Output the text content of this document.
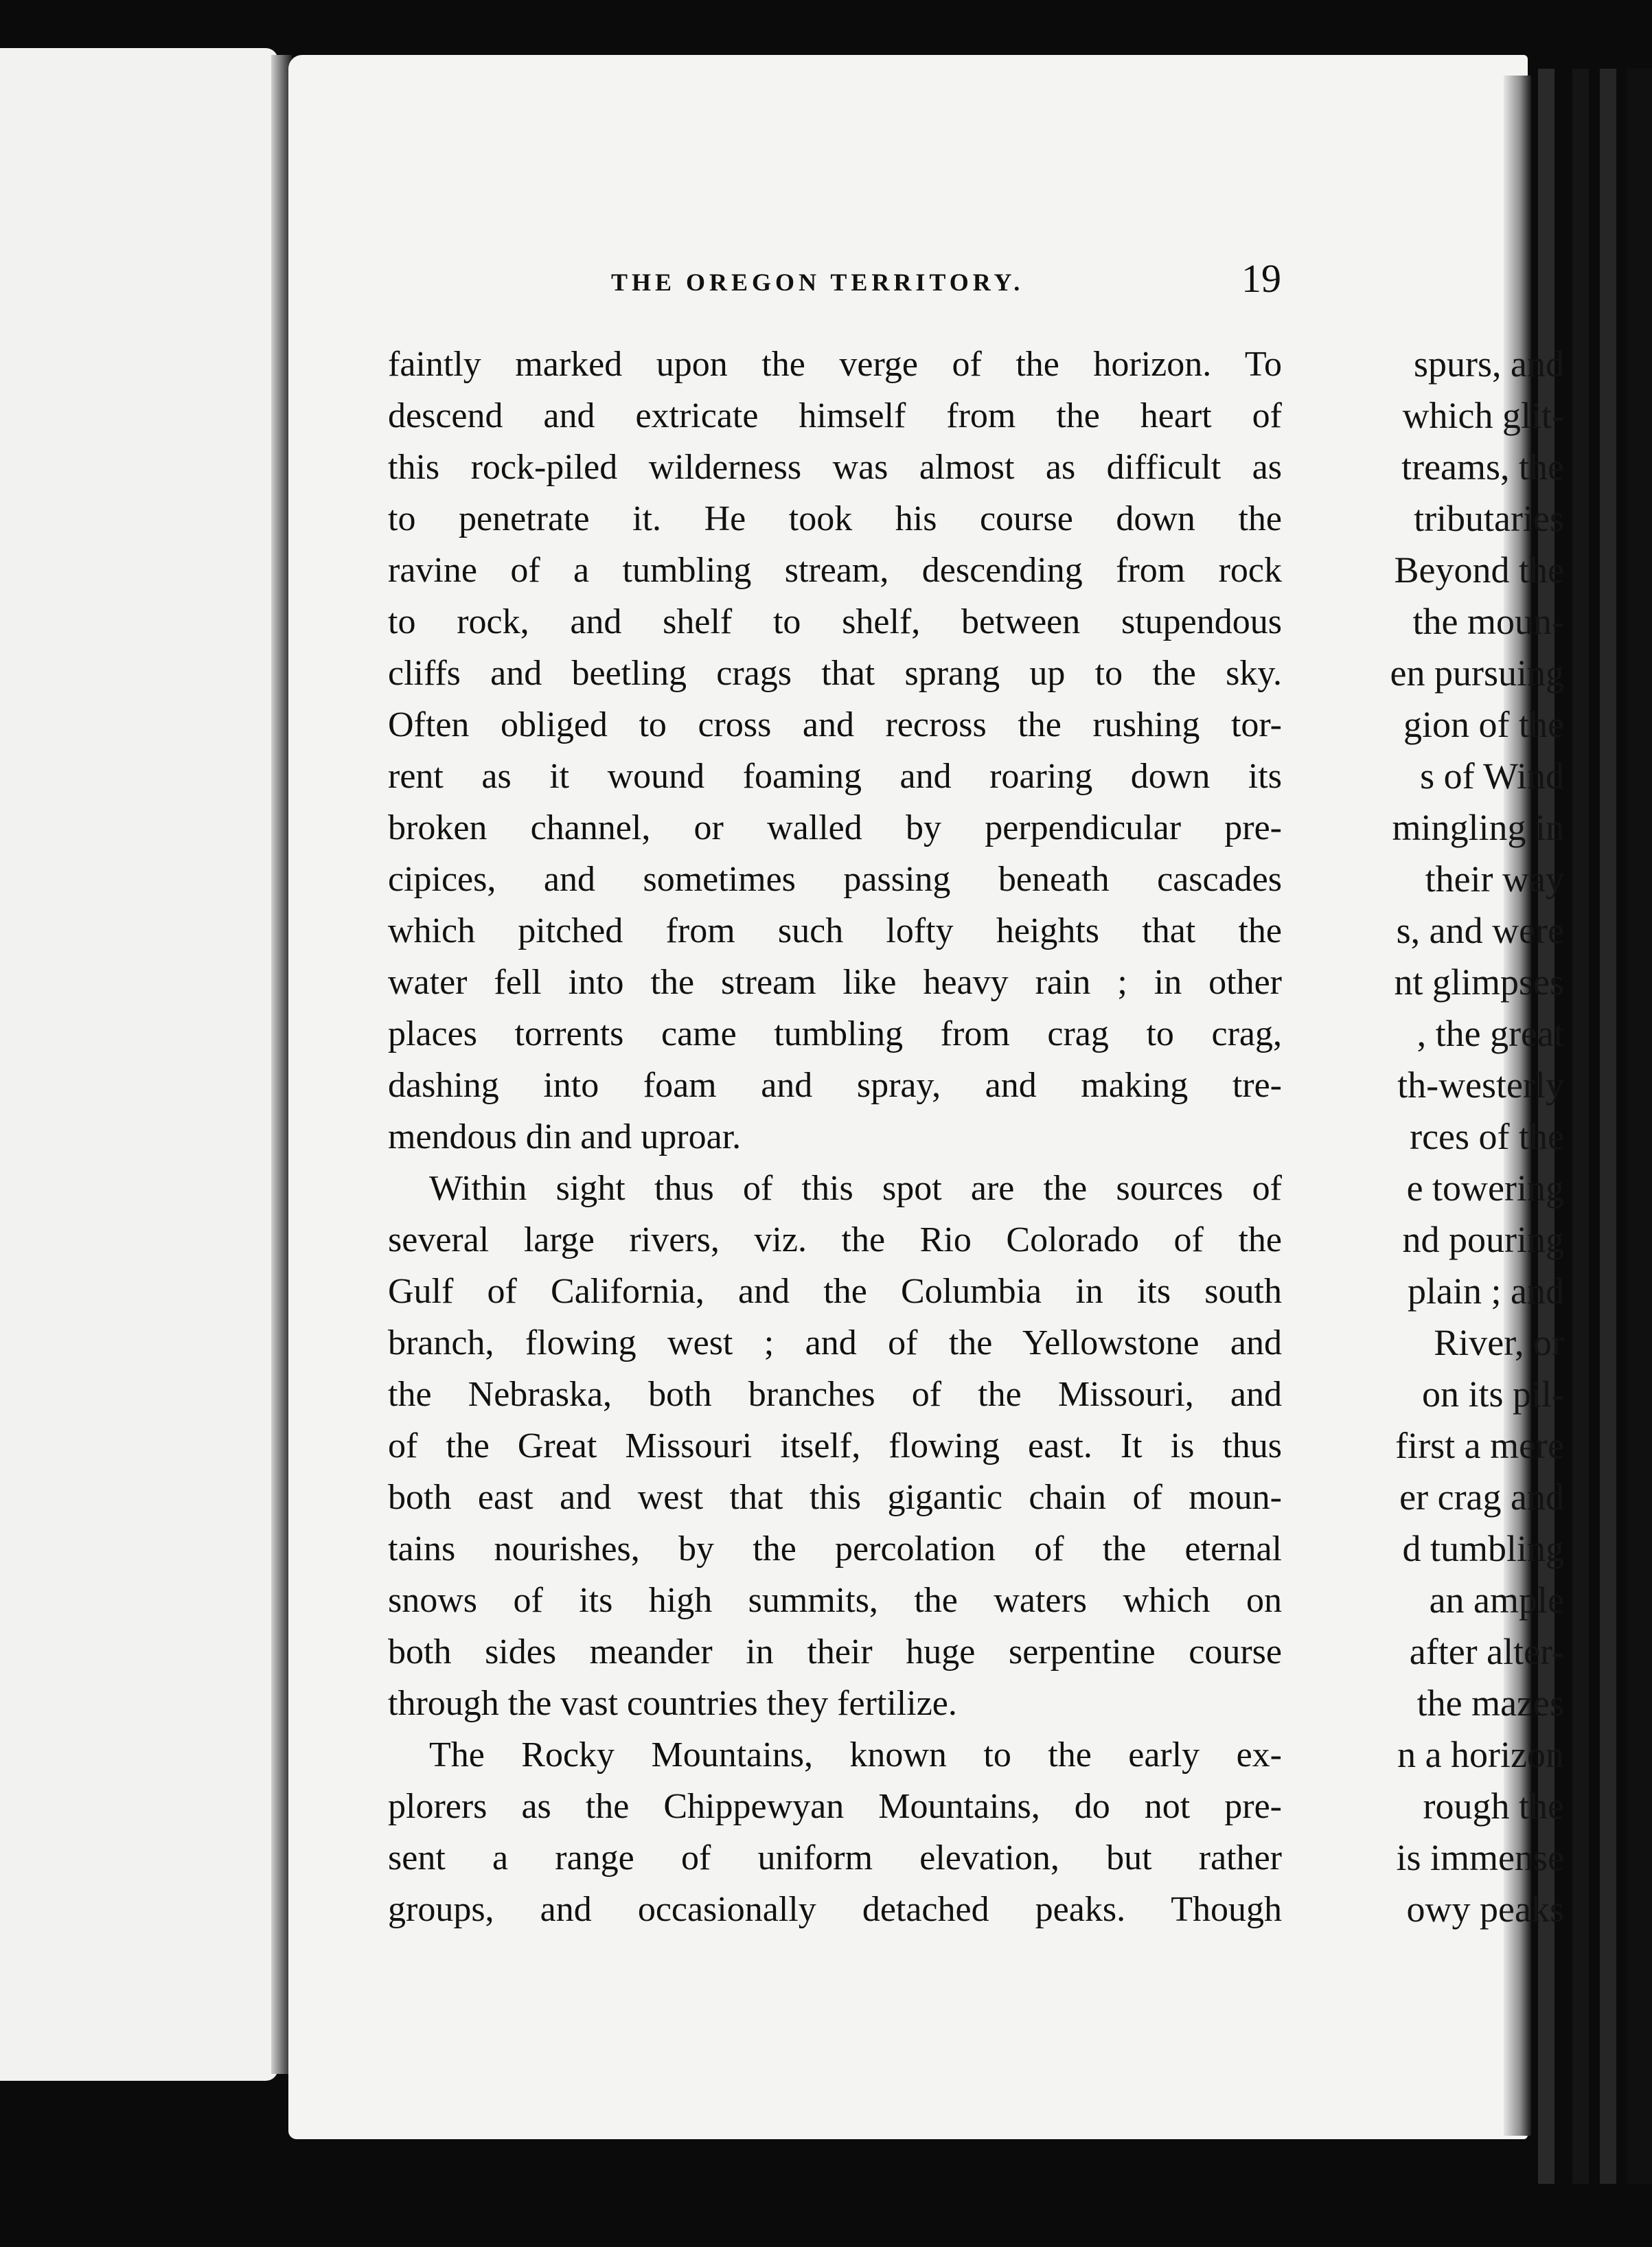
spurs, and
which glit-
treams, the
tributaries
Beyond the
the moun-
en pursuing
gion of the
s of Wind
mingling in
their way
s, and were
nt glimpses
, the great
th-westerly
rces of the
e towering
nd pouring
plain ; and
River, or
on its pil-
first a mere
er crag and
d tumbling
an ample
after alter-
the mazes
n a horizon
rough the
is immense
owy peaks
THE OREGON TERRITORY.	19
faintly marked upon the verge of the horizon. To
descend and extricate himself from the heart of
this rock-piled wilderness was almost as difficult as
to penetrate it. He took his course down the
ravine of a tumbling stream, descending from rock
to rock, and shelf to shelf, between stupendous
cliffs and beetling crags that sprang up to the sky.
Often obliged to cross and recross the rushing tor-
rent as it wound foaming and roaring down its
broken channel, or walled by perpendicular pre-
cipices, and sometimes passing beneath cascades
which pitched from such lofty heights that the
water fell into the stream like heavy rain ; in other
places torrents came tumbling from crag to crag,
dashing into foam and spray, and making tre-
mendous din and uproar.
Within sight thus of this spot are the sources of
several large rivers, viz. the Rio Colorado of the
Gulf of California, and the Columbia in its south
branch, flowing west ; and of the Yellowstone and
the Nebraska, both branches of the Missouri, and
of the Great Missouri itself, flowing east. It is thus
both east and west that this gigantic chain of moun-
tains nourishes, by the percolation of the eternal
snows of its high summits, the waters which on
both sides meander in their huge serpentine course
through the vast countries they fertilize.
The Rocky Mountains, known to the early ex-
plorers as the Chippewyan Mountains, do not pre-
sent a range of uniform elevation, but rather
groups, and occasionally detached peaks. Though
